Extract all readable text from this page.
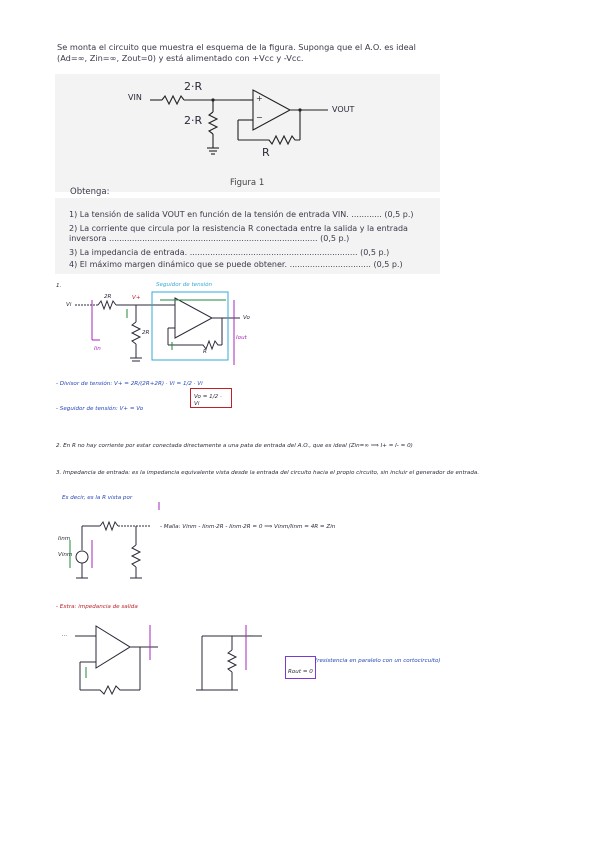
Se monta el circuito que muestra el esquema de la figura. Suponga que el A.O. es ideal

(Ad=∞, Zin=∞, Zout=0) y está alimentado con +Vcc y -Vcc.

2·R
2·R
R
VIN
VOUT
+
−
Figura 1
Obtenga:
1) La tensión de salida VOUT en función de la tensión de entrada VIN. ............ (0,5 p.)
2) La corriente que circula por la resistencia R conectada entre la salida y la entrada
inversora .................................................................................. (0,5 p.)
3) La impedancia de entrada. .................................................................. (0,5 p.)
4) El máximo margen dinámico que se puede obtener. ................................ (0,5 p.)
1.	Seguidor de tensión
Vi
Vo
V+
2R
2R
R
Iin
Iout
- Divisor de tensión: V+ = 2R/(2R+2R) · Vi = 1/2 · Vi
Vo = 1/2 · Vi
- Seguidor de tensión: V+ = Vo
2. En R no hay corriente por estar conectada directamente a una pata de entrada del A.O., que es ideal (Zin=∞ ⟹ I+ = I- = 0)
3. Impedancia de entrada: es la impedancia equivalente vista desde la entrada del circuito hacia el propio circuito, sin incluir el generador de entrada.
Es decir, es la R vista por
Iinm
Vinm
- Malla: Vinm - Iinm·2R - Iinm·2R = 0 ⟹ Vinm/Iinm = 4R = Zin
- Extra: impedancia de salida
...	...
Rout = 0
(resistencia en paralelo con un cortocircuito)
